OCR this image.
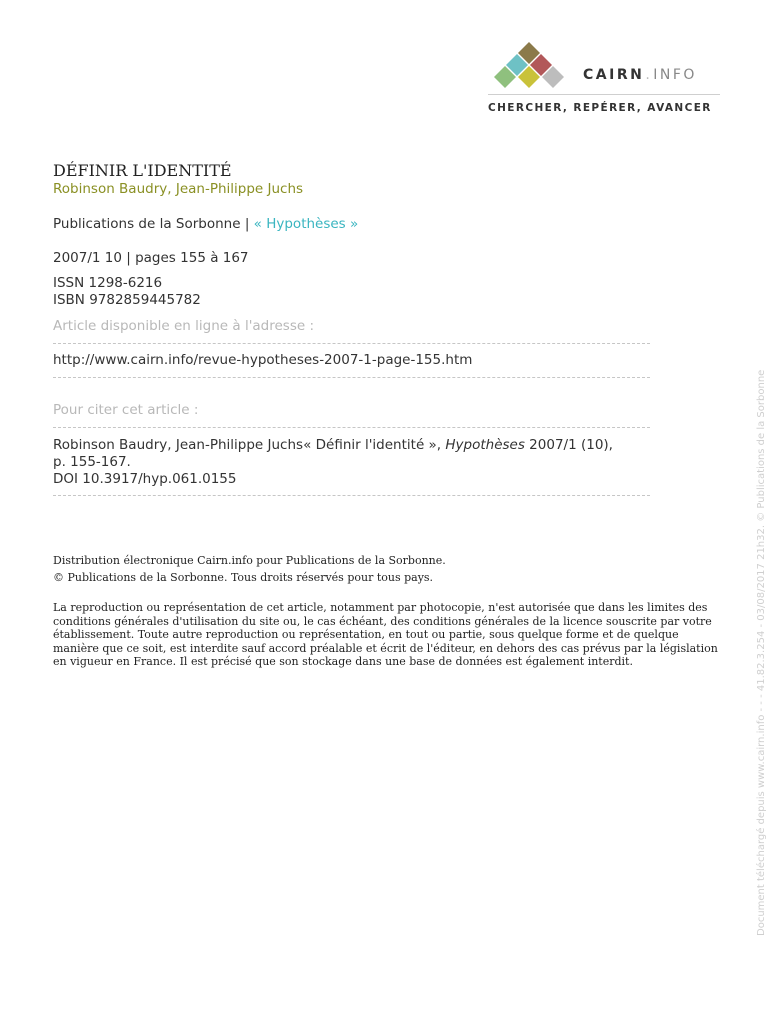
CAIRN.INFO
CHERCHER, REPÉRER, AVANCER
DÉFINIR L'IDENTITÉ
Robinson Baudry, Jean-Philippe Juchs
Publications de la Sorbonne | « Hypothèses »
2007/1 10 | pages 155 à 167
ISSN 1298-6216
ISBN 9782859445782
Article disponible en ligne à l'adresse :
http://www.cairn.info/revue-hypotheses-2007-1-page-155.htm
Pour citer cet article :
Robinson Baudry, Jean-Philippe Juchs« Définir l'identité », Hypothèses 2007/1 (10),
p. 155-167.
DOI 10.3917/hyp.061.0155
Distribution électronique Cairn.info pour Publications de la Sorbonne.
© Publications de la Sorbonne. Tous droits réservés pour tous pays.
La reproduction ou représentation de cet article, notamment par photocopie, n'est autorisée que dans les limites des conditions générales d'utilisation du site ou, le cas échéant, des conditions générales de la licence souscrite par votre établissement. Toute autre reproduction ou représentation, en tout ou partie, sous quelque forme et de quelque manière que ce soit, est interdite sauf accord préalable et écrit de l'éditeur, en dehors des cas prévus par la législation en vigueur en France. Il est précisé que son stockage dans une base de données est également interdit.	Document téléchargé depuis www.cairn.info - - - 41.82.3.254 - 03/08/2017 21h32. © Publications de la Sorbonne
